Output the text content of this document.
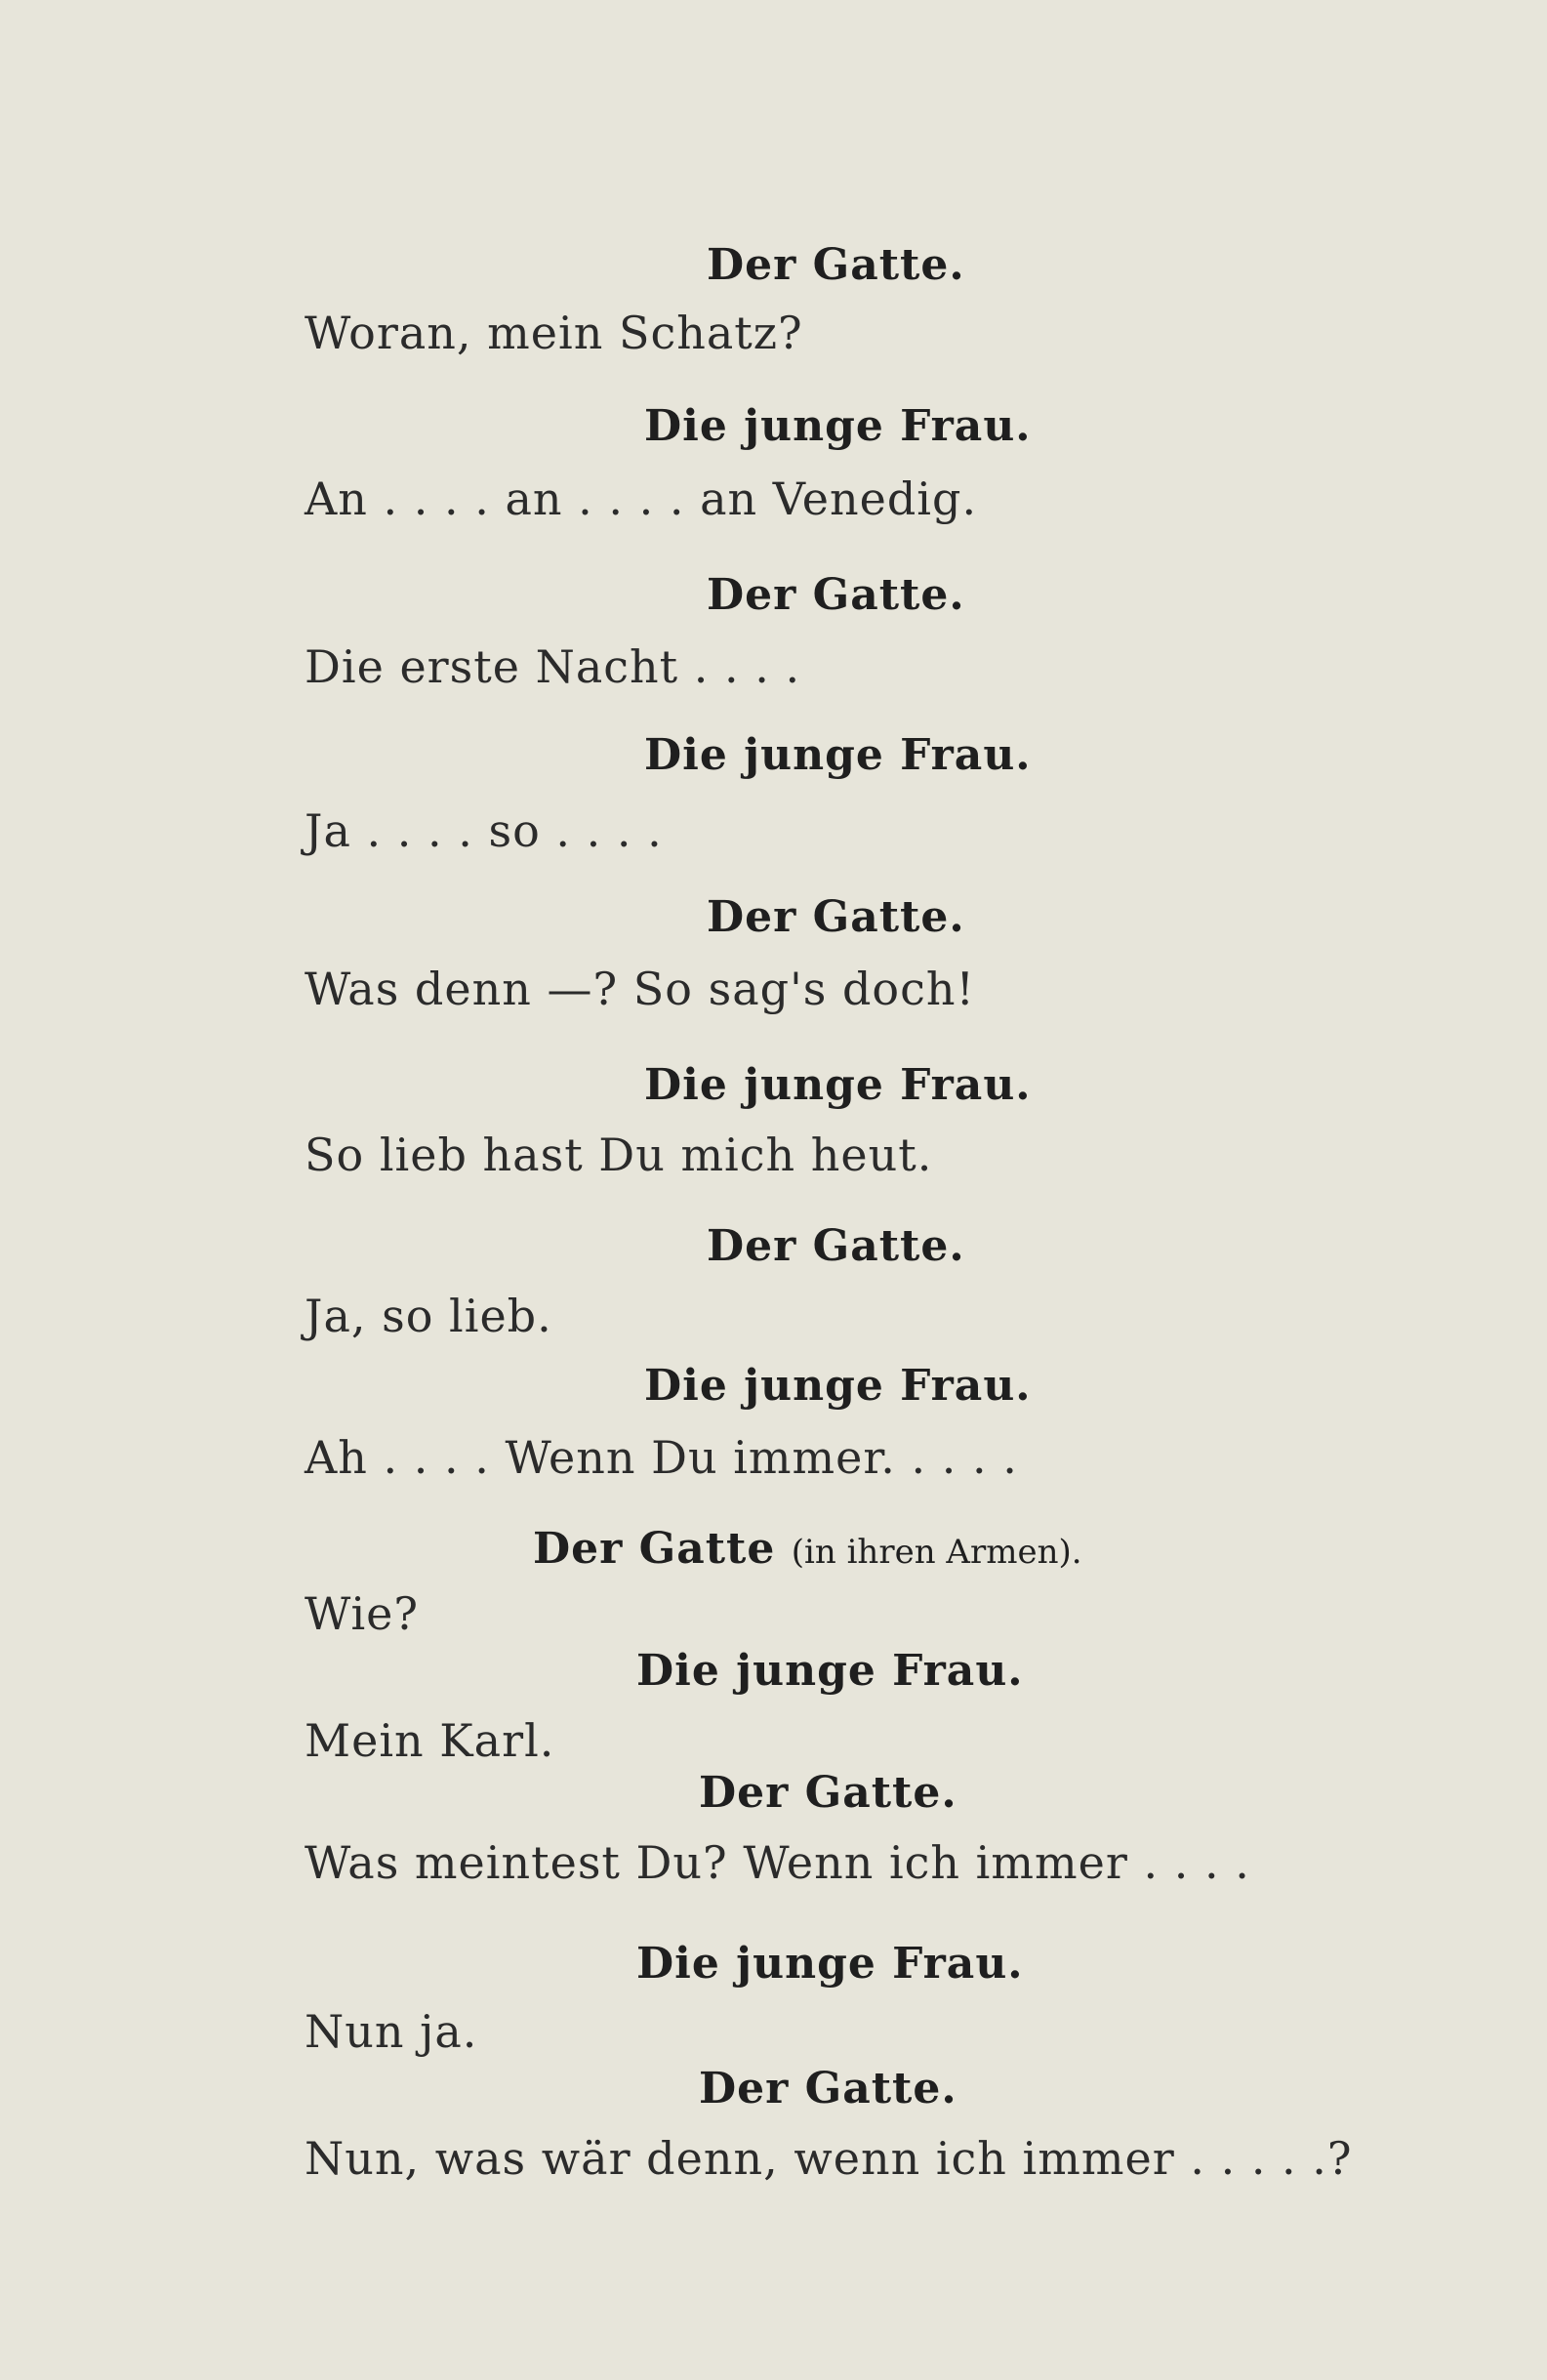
Der Gatte.
Woran, mein Schatz?
Die junge Frau.
An . . . . an . . . . an Venedig.
Der Gatte.
Die erste Nacht . . . .
Die junge Frau.
Ja . . . . so . . . .
Der Gatte.
Was denn —? So sag's doch!
Die junge Frau.
So lieb hast Du mich heut.
Der Gatte.
Ja, so lieb.
Die junge Frau.
Ah . . . . Wenn Du immer. . . . .
Der Gatte (in ihren Armen).
Wie?
Die junge Frau.
Mein Karl.
Der Gatte.
Was meintest Du? Wenn ich immer . . . .
Die junge Frau.
Nun ja.
Der Gatte.
Nun, was wär denn, wenn ich immer . . . . .?
